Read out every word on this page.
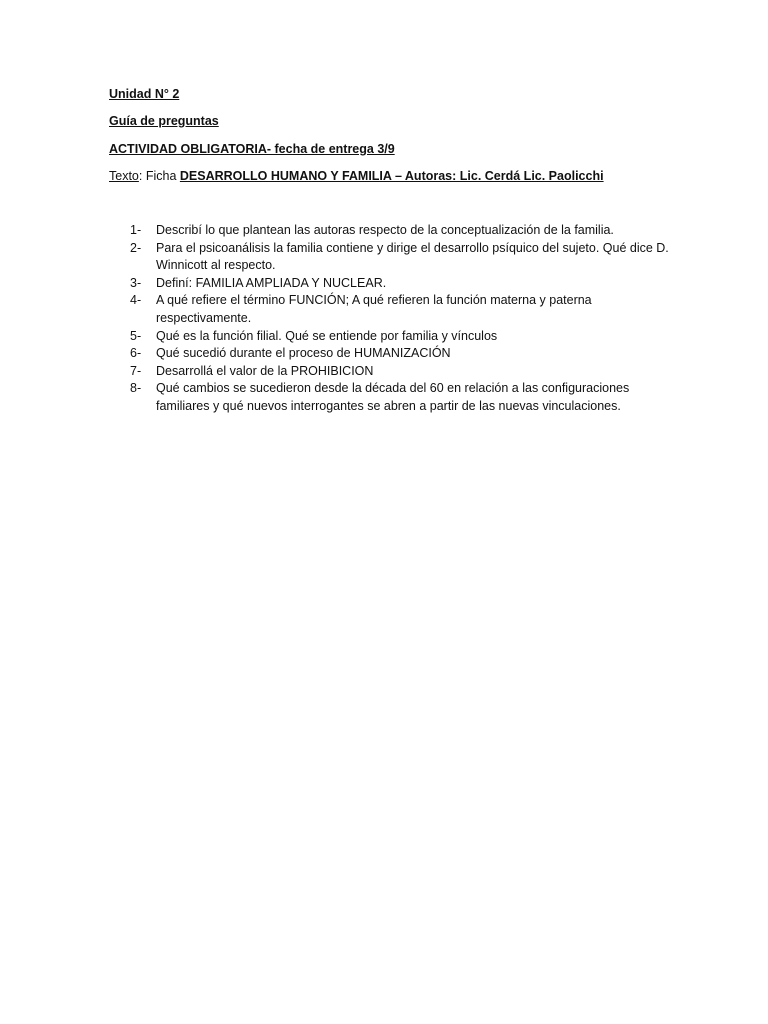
Unidad N° 2
Guía de preguntas
ACTIVIDAD OBLIGATORIA- fecha de entrega 3/9
Texto: Ficha DESARROLLO HUMANO Y FAMILIA – Autoras: Lic. Cerdá Lic. Paolicchi
1-	Describí lo que plantean las autoras respecto de la conceptualización de la familia.
2-	Para el psicoanálisis la familia contiene y dirige el desarrollo psíquico del sujeto. Qué dice D. Winnicott al respecto.
3-	Definí: FAMILIA AMPLIADA Y NUCLEAR.
4-	A qué refiere el término FUNCIÓN; A qué refieren la función materna y paterna respectivamente.
5-	Qué es la función filial. Qué se entiende por familia y vínculos
6-	Qué sucedió durante el proceso de HUMANIZACIÓN
7-	Desarrollá el valor de la PROHIBICION
8-	Qué cambios se sucedieron desde la década del 60 en relación a las configuraciones familiares y qué nuevos interrogantes se abren a partir de las nuevas vinculaciones.
